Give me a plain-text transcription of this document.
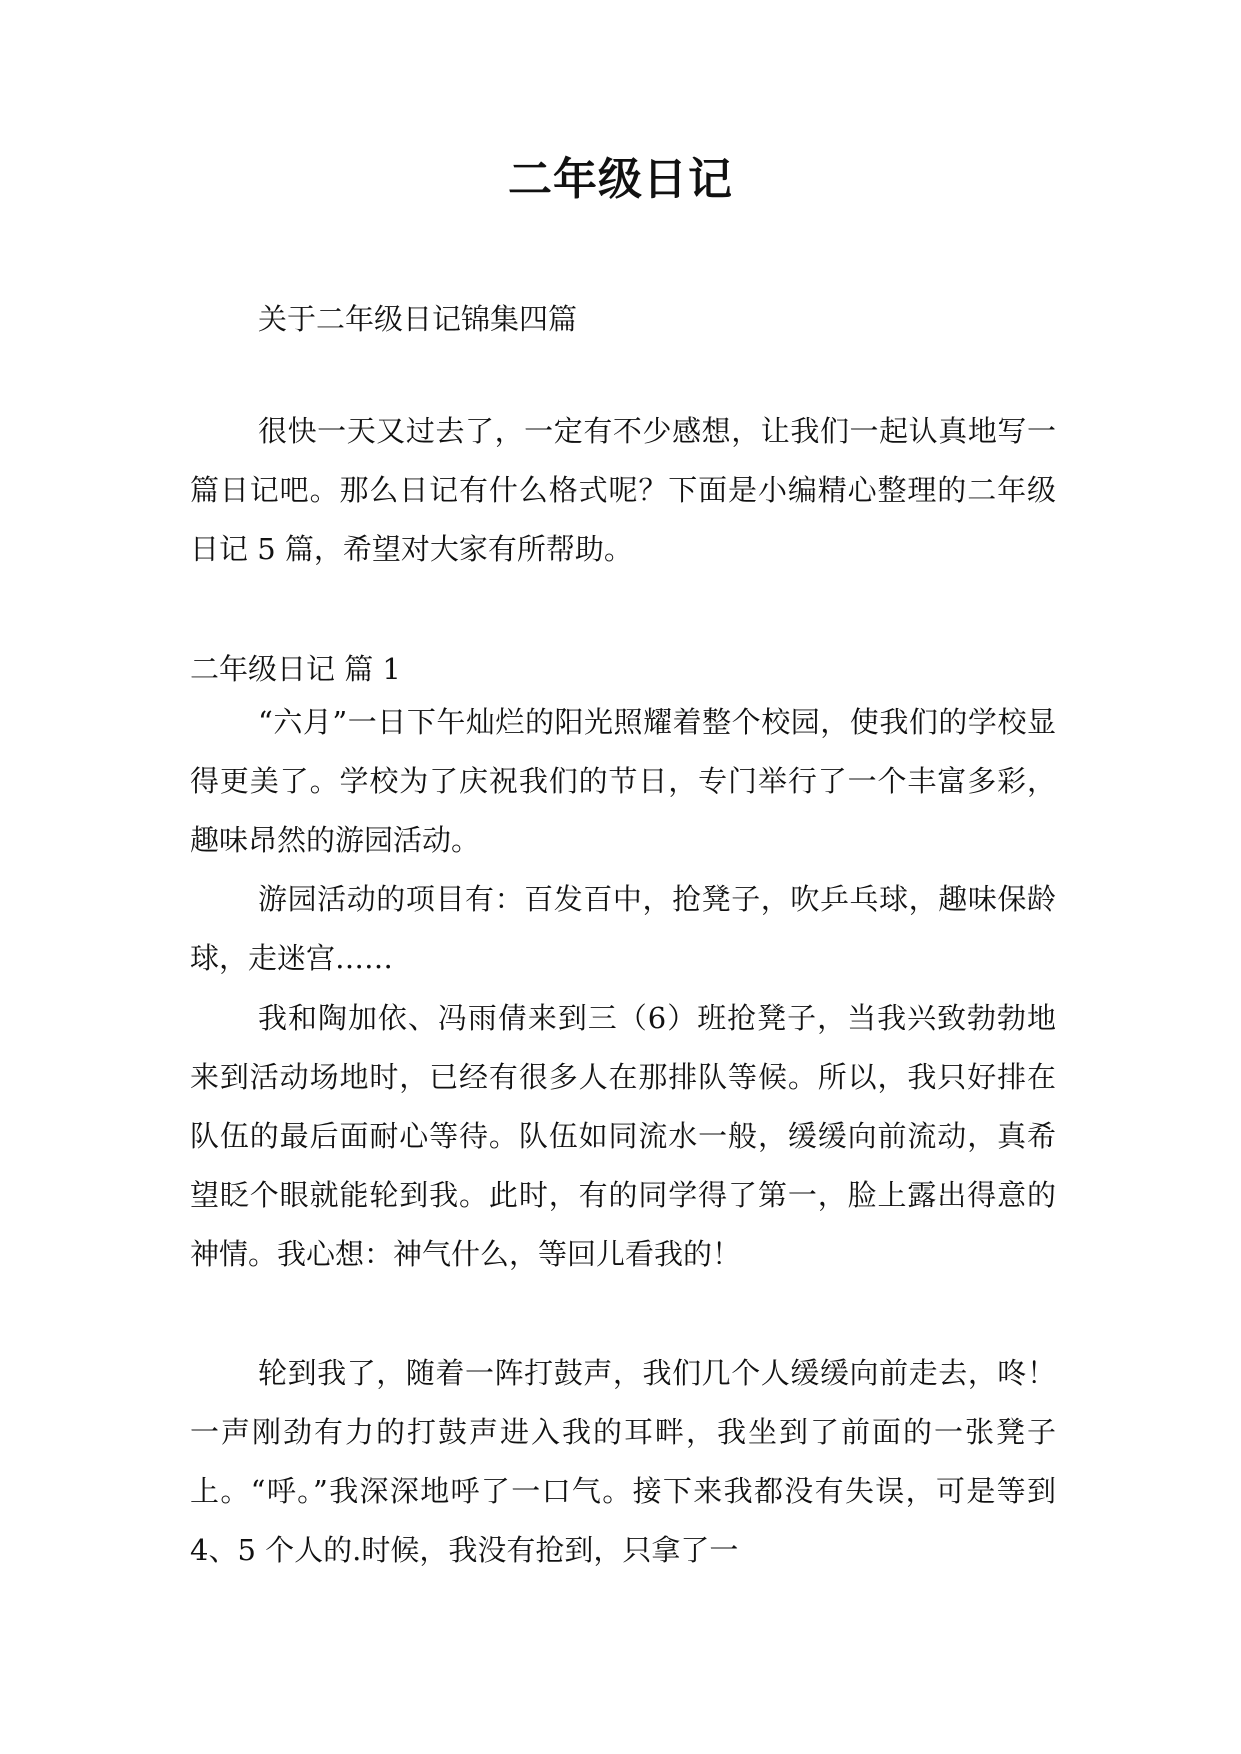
二年级日记

关于二年级日记锦集四篇

很快一天又过去了，一定有不少感想，让我们一起认真地写一篇日记吧。那么日记有什么格式呢？下面是小编精心整理的二年级日记 5 篇，希望对大家有所帮助。

二年级日记 篇 1

“六月”一日下午灿烂的阳光照耀着整个校园，使我们的学校显得更美了。学校为了庆祝我们的节日，专门举行了一个丰富多彩，趣味昂然的游园活动。

游园活动的项目有：百发百中，抢凳子，吹乒乓球，趣味保龄球，走迷宫……

我和陶加依、冯雨倩来到三（6）班抢凳子，当我兴致勃勃地来到活动场地时，已经有很多人在那排队等候。所以，我只好排在队伍的最后面耐心等待。队伍如同流水一般，缓缓向前流动，真希望眨个眼就能轮到我。此时，有的同学得了第一，脸上露出得意的神情。我心想：神气什么，等回儿看我的！

轮到我了，随着一阵打鼓声，我们几个人缓缓向前走去，咚！一声刚劲有力的打鼓声进入我的耳畔，我坐到了前面的一张凳子上。“呼。”我深深地呼了一口气。接下来我都没有失误，可是等到 4、5 个人的.时候，我没有抢到，只拿了一
